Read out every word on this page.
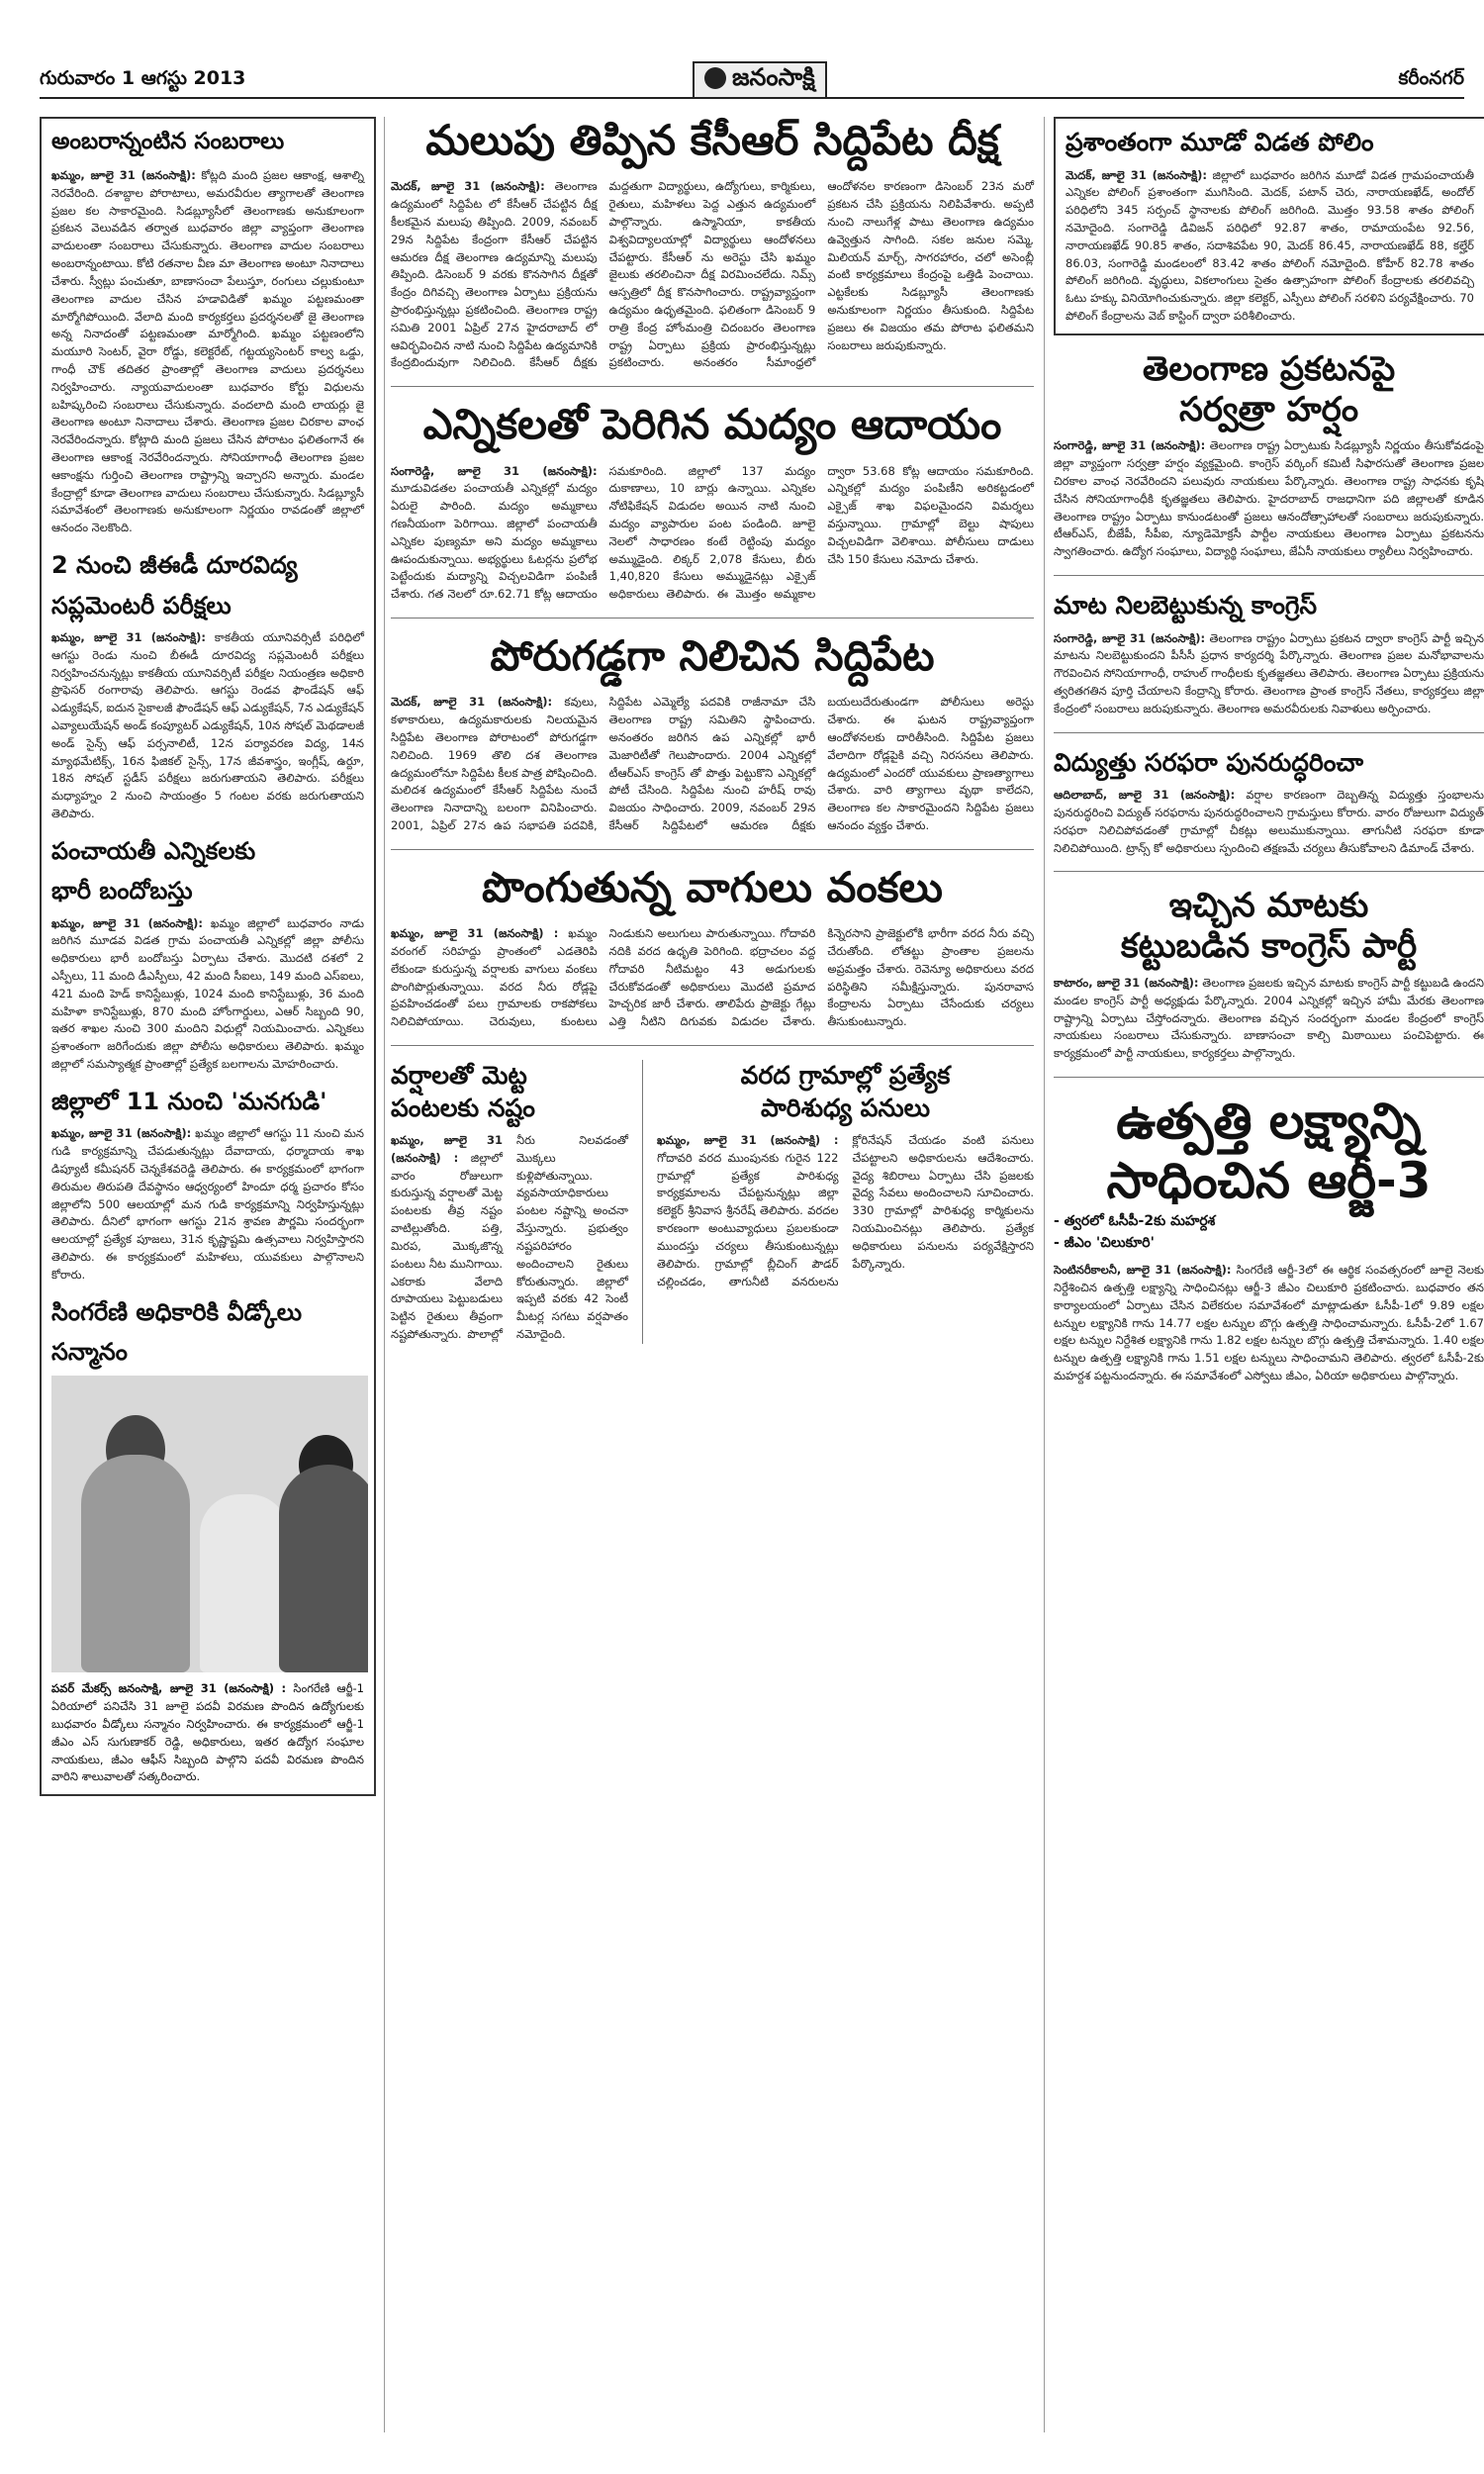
గురువారం 1 ఆగస్టు 2013	జనంసాక్షి	కరీంనగర్
అంబరాన్నంటిన సంబరాలు

ఖమ్మం, జూలై 31 (జనంసాక్షి): కోట్లది మంది ప్రజల ఆకాంక్ష, ఆశాల్ని నెరవేరింది. దశాబ్దాల పోరాటాలు, అమరవీరుల త్యాగాలతో తెలంగాణ ప్రజల కల సాకారమైంది. సిడబ్ల్యూసీలో తెలంగాణకు అనుకూలంగా ప్రకటన వెలువడిన తర్వాత బుధవారం జిల్లా వ్యాప్తంగా తెలంగాణ వాదులంతా సంబరాలు చేసుకున్నారు. తెలంగాణ వాదుల సంబరాలు అంబరాన్నంటాయి. కోటి రతనాల వీణ మా తెలంగాణ అంటూ నినాదాలు చేశారు. స్వీట్లు పంచుతూ, బాణాసంచా పేలుస్తూ, రంగులు చల్లుకుంటూ తెలంగాణ వాదుల చేసిన హడావిడితో ఖమ్మం పట్టణమంతా మార్మోగిపోయింది. వేలాది మంది కార్యకర్తలు ప్రదర్శనలతో జై తెలంగాణ అన్న నినాదంతో పట్టణమంతా మార్మోగింది. ఖమ్మం పట్టణంలోని మయూరి సెంటర్, వైరా రోడ్డు, కలెక్టరేట్, గట్టయ్యసెంటర్ కాల్వ ఒడ్డు, గాంధీ చౌక్ తదితర ప్రాంతాల్లో తెలంగాణ వాదులు ప్రదర్శనలు నిర్వహించారు. న్యాయవాదులంతా బుధవారం కోర్టు విధులను బహిష్కరించి సంబరాలు చేసుకున్నారు. వందలాది మంది లాయర్లు జై తెలంగాణ అంటూ నినాదాలు చేశారు. తెలంగాణ ప్రజల చిరకాల వాంఛ నెరవేరిందన్నారు. కోట్లాది మంది ప్రజలు చేసిన పోరాటం ఫలితంగానే ఈ తెలంగాణ ఆకాంక్ష నెరవేరిందన్నారు. సోనియాగాంధీ తెలంగాణ ప్రజల ఆకాంక్షను గుర్తించి తెలంగాణ రాష్ట్రాన్ని ఇచ్చారని అన్నారు. మండల కేంద్రాల్లో కూడా తెలంగాణ వాదులు సంబరాలు చేసుకున్నారు. సిడబ్ల్యూసీ సమావేశంలో తెలంగాణకు అనుకూలంగా నిర్ణయం రావడంతో జిల్లాలో ఆనందం నెలకొంది.

2 నుంచి జీఈడీ దూరవిద్య
సప్లమెంటరీ పరీక్షలు

ఖమ్మం, జూలై 31 (జనంసాక్షి): కాకతీయ యూనివర్సిటీ పరిధిలో ఆగస్టు రెండు నుంచి బీఈడీ దూరవిద్య సప్లమెంటరీ పరీక్షలు నిర్వహించనున్నట్లు కాకతీయ యూనివర్సిటీ పరీక్షల నియంత్రణ అధికారి ప్రొఫెసర్ రంగారావు తెలిపారు. ఆగస్టు రెండవ ఫౌండేషన్ ఆఫ్ ఎడ్యుకేషన్, ఐదున సైకాలజీ ఫౌండేషన్ ఆఫ్ ఎడ్యుకేషన్, 7న ఎడ్యుకేషన్ ఎవ్యాలుయేషన్ అండ్ కంప్యూటర్ ఎడ్యుకేషన్, 10న సోషల్ మెథడాలజీ అండ్ సైన్స్ ఆఫ్ పర్సనాలిటీ, 12న పర్యావరణ విద్య, 14న మ్యాథమేటిక్స్, 16న ఫిజికల్ సైన్స్, 17న జీవశాస్త్రం, ఇంగ్లీష్, ఉర్దూ, 18న సోషల్ స్టడీస్ పరీక్షలు జరుగుతాయని తెలిపారు. పరీక్షలు మధ్యాహ్నం 2 నుంచి సాయంత్రం 5 గంటల వరకు జరుగుతాయని తెలిపారు.

పంచాయతీ ఎన్నికలకు
భారీ బందోబస్తు

ఖమ్మం, జూలై 31 (జనంసాక్షి): ఖమ్మం జిల్లాలో బుధవారం నాడు జరిగిన మూడవ విడత గ్రామ పంచాయతీ ఎన్నికల్లో జిల్లా పోలీసు అధికారులు భారీ బందోబస్తు ఏర్పాటు చేశారు. మొదటి దశలో 2 ఎస్పీలు, 11 మంది డీఎస్పీలు, 42 మంది సీఐలు, 149 మంది ఎస్ఐలు, 421 మంది హెడ్ కానిస్టేబుళ్లు, 1024 మంది కానిస్టేబుళ్లు, 36 మంది మహిళా కానిస్టేబుళ్లు, 870 మంది హోంగార్డులు, ఎఆర్ సిబ్బంది 90, ఇతర శాఖల నుంచి 300 మందిని విధుల్లో నియమించారు. ఎన్నికలు ప్రశాంతంగా జరిగేందుకు జిల్లా పోలీసు అధికారులు తెలిపారు. ఖమ్మం జిల్లాలో సమస్యాత్మక ప్రాంతాల్లో ప్రత్యేక బలగాలను మోహరించారు.

జిల్లాలో 11 నుంచి 'మనగుడి'

ఖమ్మం, జూలై 31 (జనంసాక్షి): ఖమ్మం జిల్లాలో ఆగస్టు 11 నుంచి మన గుడి కార్యక్రమాన్ని చేపడుతున్నట్లు దేవాదాయ, ధర్మాదాయ శాఖ డిప్యూటీ కమీషనర్ చెన్నకేశవరెడ్డి తెలిపారు. ఈ కార్యక్రమంలో భాగంగా తిరుమల తిరుపతి దేవస్థానం ఆధ్వర్యంలో హిందూ ధర్మ ప్రచారం కోసం జిల్లాలోని 500 ఆలయాల్లో మన గుడి కార్యక్రమాన్ని నిర్వహిస్తున్నట్లు తెలిపారు. దీనిలో భాగంగా ఆగస్టు 21న శ్రావణ పౌర్ణమి సందర్భంగా ఆలయాల్లో ప్రత్యేక పూజలు, 31న కృష్ణాష్టమి ఉత్సవాలు నిర్వహిస్తారని తెలిపారు. ఈ కార్యక్రమంలో మహిళలు, యువకులు పాల్గొనాలని కోరారు.

సింగరేణి అధికారికి వీడ్కోలు
సన్మానం

పవర్ మేకర్స్ జనంసాక్షి, జూలై 31 (జనంసాక్షి) : సింగరేణి ఆర్జీ-1 ఏరియాలో పనిచేసి 31 జూలై పదవీ విరమణ పొందిన ఉద్యోగులకు బుధవారం వీడ్కోలు సన్మానం నిర్వహించారు. ఈ కార్యక్రమంలో ఆర్జీ-1 జీఎం ఎస్ సుగుణాకర్ రెడ్డి, అధికారులు, ఇతర ఉద్యోగ సంఘాల నాయకులు, జీఎం ఆఫీస్ సిబ్బంది పాల్గొని పదవీ విరమణ పొందిన వారిని శాలువాలతో సత్కరించారు.

మలుపు తిప్పిన కేసీఆర్ సిద్దిపేట దీక్ష
మెదక్, జూలై 31 (జనంసాక్షి): తెలంగాణ ఉద్యమంలో సిద్దిపేట లో కేసీఆర్ చేపట్టిన దీక్ష కీలకమైన మలుపు తిప్పింది. 2009, నవంబర్ 29న సిద్దిపేట కేంద్రంగా కేసీఆర్ చేపట్టిన ఆమరణ దీక్ష తెలంగాణ ఉద్యమాన్ని మలుపు తిప్పింది. డిసెంబర్ 9 వరకు కొనసాగిన దీక్షతో కేంద్రం దిగివచ్చి తెలంగాణ ఏర్పాటు ప్రక్రియను ప్రారంభిస్తున్నట్లు ప్రకటించింది. తెలంగాణ రాష్ట్ర సమితి 2001 ఏప్రిల్ 27న హైదరాబాద్ లో ఆవిర్భవించిన నాటి నుంచి సిద్దిపేట ఉద్యమానికి కేంద్రబిందువుగా నిలిచింది. కేసీఆర్ దీక్షకు మద్దతుగా విద్యార్థులు, ఉద్యోగులు, కార్మికులు, రైతులు, మహిళలు పెద్ద ఎత్తున ఉద్యమంలో పాల్గొన్నారు. ఉస్మానియా, కాకతీయ విశ్వవిద్యాలయాల్లో విద్యార్థులు ఆందోళనలు చేపట్టారు. కేసీఆర్ ను అరెస్టు చేసి ఖమ్మం జైలుకు తరలించినా దీక్ష విరమించలేదు. నిమ్స్ ఆస్పత్రిలో దీక్ష కొనసాగించారు. రాష్ట్రవ్యాప్తంగా ఉద్యమం ఉధృతమైంది. ఫలితంగా డిసెంబర్ 9 రాత్రి కేంద్ర హోంమంత్రి చిదంబరం తెలంగాణ రాష్ట్ర ఏర్పాటు ప్రక్రియ ప్రారంభిస్తున్నట్లు ప్రకటించారు. అనంతరం సీమాంధ్రలో ఆందోళనల కారణంగా డిసెంబర్ 23న మరో ప్రకటన చేసి ప్రక్రియను నిలిపివేశారు. అప్పటి నుంచి నాలుగేళ్ల పాటు తెలంగాణ ఉద్యమం ఉవ్వెత్తున సాగింది. సకల జనుల సమ్మె, మిలియన్ మార్చ్, సాగరహారం, చలో అసెంబ్లీ వంటి కార్యక్రమాలు కేంద్రంపై ఒత్తిడి పెంచాయి. ఎట్టకేలకు సిడబ్ల్యూసీ తెలంగాణకు అనుకూలంగా నిర్ణయం తీసుకుంది. సిద్దిపేట ప్రజలు ఈ విజయం తమ పోరాట ఫలితమని సంబరాలు జరుపుకున్నారు.
ఎన్నికలతో పెరిగిన మద్యం ఆదాయం
సంగారెడ్డి, జూలై 31 (జనంసాక్షి): మూడువిడతల పంచాయతీ ఎన్నికల్లో మద్యం ఏరులై పారింది. మద్యం అమ్మకాలు గణనీయంగా పెరిగాయి. జిల్లాలో పంచాయతీ ఎన్నికల పుణ్యమా అని మద్యం అమ్మకాలు ఊపందుకున్నాయి. అభ్యర్థులు ఓటర్లను ప్రలోభ పెట్టేందుకు మద్యాన్ని విచ్చలవిడిగా పంపిణీ చేశారు. గత నెలలో రూ.62.71 కోట్ల ఆదాయం సమకూరింది. జిల్లాలో 137 మద్యం దుకాణాలు, 10 బార్లు ఉన్నాయి. ఎన్నికల నోటిఫికేషన్ విడుదల అయిన నాటి నుంచి మద్యం వ్యాపారుల పంట పండింది. జూలై నెలలో సాధారణం కంటే రెట్టింపు మద్యం అమ్ముడైంది. లిక్కర్ 2,078 కేసులు, బీరు 1,40,820 కేసులు అమ్ముడైనట్లు ఎక్సైజ్ అధికారులు తెలిపారు. ఈ మొత్తం అమ్మకాల ద్వారా 53.68 కోట్ల ఆదాయం సమకూరింది. ఎన్నికల్లో మద్యం పంపిణీని అరికట్టడంలో ఎక్సైజ్ శాఖ విఫలమైందని విమర్శలు వస్తున్నాయి. గ్రామాల్లో బెల్టు షాపులు విచ్చలవిడిగా వెలిశాయి. పోలీసులు దాడులు చేసి 150 కేసులు నమోదు చేశారు.
పోరుగడ్డగా నిలిచిన సిద్దిపేట
మెదక్, జూలై 31 (జనంసాక్షి): కవులు, కళాకారులు, ఉద్యమకారులకు నిలయమైన సిద్దిపేట తెలంగాణ పోరాటంలో పోరుగడ్డగా నిలిచింది. 1969 తొలి దశ తెలంగాణ ఉద్యమంలోనూ సిద్దిపేట కీలక పాత్ర పోషించింది. మలిదశ ఉద్యమంలో కేసీఆర్ సిద్దిపేట నుంచే తెలంగాణ నినాదాన్ని బలంగా వినిపించారు. 2001, ఏప్రిల్ 27న ఉప సభాపతి పదవికి, సిద్దిపేట ఎమ్మెల్యే పదవికి రాజీనామా చేసి తెలంగాణ రాష్ట్ర సమితిని స్థాపించారు. అనంతరం జరిగిన ఉప ఎన్నికల్లో భారీ మెజారిటీతో గెలుపొందారు. 2004 ఎన్నికల్లో టీఆర్ఎస్ కాంగ్రెస్ తో పొత్తు పెట్టుకొని ఎన్నికల్లో పోటీ చేసింది. సిద్దిపేట నుంచి హరీష్ రావు విజయం సాధించారు. 2009, నవంబర్ 29న కేసీఆర్ సిద్దిపేటలో ఆమరణ దీక్షకు బయలుదేరుతుండగా పోలీసులు అరెస్టు చేశారు. ఈ ఘటన రాష్ట్రవ్యాప్తంగా ఆందోళనలకు దారితీసింది. సిద్దిపేట ప్రజలు వేలాదిగా రోడ్లపైకి వచ్చి నిరసనలు తెలిపారు. ఉద్యమంలో ఎందరో యువకులు ప్రాణత్యాగాలు చేశారు. వారి త్యాగాలు వృథా కాలేదని, తెలంగాణ కల సాకారమైందని సిద్దిపేట ప్రజలు ఆనందం వ్యక్తం చేశారు.
పొంగుతున్న వాగులు వంకలు
ఖమ్మం, జూలై 31 (జనంసాక్షి) : ఖమ్మం వరంగల్ సరిహద్దు ప్రాంతంలో ఎడతెరిపి లేకుండా కురుస్తున్న వర్షాలకు వాగులు వంకలు పొంగిపొర్లుతున్నాయి. వరద నీరు రోడ్లపై ప్రవహించడంతో పలు గ్రామాలకు రాకపోకలు నిలిచిపోయాయి. చెరువులు, కుంటలు నిండుకుని అలుగులు పారుతున్నాయి. గోదావరి నదికి వరద ఉధృతి పెరిగింది. భద్రాచలం వద్ద గోదావరి నీటిమట్టం 43 అడుగులకు చేరుకోవడంతో అధికారులు మొదటి ప్రమాద హెచ్చరిక జారీ చేశారు. తాలిపేరు ప్రాజెక్టు గేట్లు ఎత్తి నీటిని దిగువకు విడుదల చేశారు. కిన్నెరసాని ప్రాజెక్టులోకి భారీగా వరద నీరు వచ్చి చేరుతోంది. లోతట్టు ప్రాంతాల ప్రజలను అప్రమత్తం చేశారు. రెవెన్యూ అధికారులు వరద పరిస్థితిని సమీక్షిస్తున్నారు. పునరావాస కేంద్రాలను ఏర్పాటు చేసేందుకు చర్యలు తీసుకుంటున్నారు.
వర్షాలతో మెట్ట
పంటలకు నష్టం

ఖమ్మం, జూలై 31 (జనంసాక్షి) : జిల్లాలో వారం రోజులుగా కురుస్తున్న వర్షాలతో మెట్ట పంటలకు తీవ్ర నష్టం వాటిల్లుతోంది. పత్తి, మిరప, మొక్కజొన్న పంటలు నీట మునిగాయి. ఎకరాకు వేలాది రూపాయలు పెట్టుబడులు పెట్టిన రైతులు తీవ్రంగా నష్టపోతున్నారు. పొలాల్లో నీరు నిలవడంతో మొక్కలు కుళ్లిపోతున్నాయి. వ్యవసాయాధికారులు పంటల నష్టాన్ని అంచనా వేస్తున్నారు. ప్రభుత్వం నష్టపరిహారం అందించాలని రైతులు కోరుతున్నారు. జిల్లాలో ఇప్పటి వరకు 42 సెంటీ మీటర్ల సగటు వర్షపాతం నమోదైంది.

వరద గ్రామాల్లో ప్రత్యేక
పారిశుధ్య పనులు

ఖమ్మం, జూలై 31 (జనంసాక్షి) : గోదావరి వరద ముంపునకు గురైన 122 గ్రామాల్లో ప్రత్యేక పారిశుధ్య కార్యక్రమాలను చేపట్టనున్నట్లు జిల్లా కలెక్టర్ శ్రీనివాస శ్రీనరేష్ తెలిపారు. వరదల కారణంగా అంటువ్యాధులు ప్రబలకుండా ముందస్తు చర్యలు తీసుకుంటున్నట్లు తెలిపారు. గ్రామాల్లో బ్లీచింగ్ పౌడర్ చల్లించడం, తాగునీటి వనరులను క్లోరినేషన్ చేయడం వంటి పనులు చేపట్టాలని అధికారులను ఆదేశించారు. వైద్య శిబిరాలు ఏర్పాటు చేసి ప్రజలకు వైద్య సేవలు అందించాలని సూచించారు. 330 గ్రామాల్లో పారిశుధ్య కార్మికులను నియమించినట్లు తెలిపారు. ప్రత్యేక అధికారులు పనులను పర్యవేక్షిస్తారని పేర్కొన్నారు.

ప్రశాంతంగా మూడో విడత పోలిం

మెదక్, జూలై 31 (జనంసాక్షి): జిల్లాలో బుధవారం జరిగిన మూడో విడత గ్రామపంచాయతీ ఎన్నికల పోలింగ్ ప్రశాంతంగా ముగిసింది. మెదక్, పటాన్ చెరు, నారాయణఖేడ్, అందోల్ పరిధిలోని 345 సర్పంచ్ స్థానాలకు పోలింగ్ జరిగింది. మొత్తం 93.58 శాతం పోలింగ్ నమోదైంది. సంగారెడ్డి డివిజన్ పరిధిలో 92.87 శాతం, రామాయంపేట 92.56, నారాయణఖేడ్ 90.85 శాతం, సదాశివపేట 90, మెదక్ 86.45, నారాయణఖేడ్ 88, కల్హేర్ 86.03, సంగారెడ్డి మండలంలో 83.42 శాతం పోలింగ్ నమోదైంది. కోహీర్ 82.78 శాతం పోలింగ్ జరిగింది. వృద్ధులు, వికలాంగులు సైతం ఉత్సాహంగా పోలింగ్ కేంద్రాలకు తరలివచ్చి ఓటు హక్కు వినియోగించుకున్నారు. జిల్లా కలెక్టర్, ఎస్పీలు పోలింగ్ సరళిని పర్యవేక్షించారు. 70 పోలింగ్ కేంద్రాలను వెబ్ కాస్టింగ్ ద్వారా పరిశీలించారు.

తెలంగాణ ప్రకటనపై
సర్వత్రా హర్షం

సంగారెడ్డి, జూలై 31 (జనంసాక్షి): తెలంగాణ రాష్ట్ర ఏర్పాటుకు సిడబ్ల్యూసీ నిర్ణయం తీసుకోవడంపై జిల్లా వ్యాప్తంగా సర్వత్రా హర్షం వ్యక్తమైంది. కాంగ్రెస్ వర్కింగ్ కమిటీ సిఫారసుతో తెలంగాణ ప్రజల చిరకాల వాంఛ నెరవేరిందని పలువురు నాయకులు పేర్కొన్నారు. తెలంగాణ రాష్ట్ర సాధనకు కృషి చేసిన సోనియాగాంధీకి కృతజ్ఞతలు తెలిపారు. హైదరాబాద్ రాజధానిగా పది జిల్లాలతో కూడిన తెలంగాణ రాష్ట్రం ఏర్పాటు కానుండటంతో ప్రజలు ఆనందోత్సాహాలతో సంబరాలు జరుపుకున్నారు. టీఆర్ఎస్, బీజేపీ, సీపీఐ, న్యూడెమోక్రసీ పార్టీల నాయకులు తెలంగాణ ఏర్పాటు ప్రకటనను స్వాగతించారు. ఉద్యోగ సంఘాలు, విద్యార్థి సంఘాలు, జేఏసీ నాయకులు ర్యాలీలు నిర్వహించారు.

మాట నిలబెట్టుకున్న కాంగ్రెస్

సంగారెడ్డి, జూలై 31 (జనంసాక్షి): తెలంగాణ రాష్ట్రం ఏర్పాటు ప్రకటన ద్వారా కాంగ్రెస్ పార్టీ ఇచ్చిన మాటను నిలబెట్టుకుందని పీసీసీ ప్రధాన కార్యదర్శి పేర్కొన్నారు. తెలంగాణ ప్రజల మనోభావాలను గౌరవించిన సోనియాగాంధీ, రాహుల్ గాంధీలకు కృతజ్ఞతలు తెలిపారు. తెలంగాణ ఏర్పాటు ప్రక్రియను త్వరితగతిన పూర్తి చేయాలని కేంద్రాన్ని కోరారు. తెలంగాణ ప్రాంత కాంగ్రెస్ నేతలు, కార్యకర్తలు జిల్లా కేంద్రంలో సంబరాలు జరుపుకున్నారు. తెలంగాణ అమరవీరులకు నివాళులు అర్పించారు.

విద్యుత్తు సరఫరా పునరుద్ధరించా

ఆదిలాబాద్, జూలై 31 (జనంసాక్షి): వర్షాల కారణంగా దెబ్బతిన్న విద్యుత్తు స్తంభాలను పునరుద్ధరించి విద్యుత్ సరఫరాను పునరుద్ధరించాలని గ్రామస్తులు కోరారు. వారం రోజులుగా విద్యుత్ సరఫరా నిలిచిపోవడంతో గ్రామాల్లో చీకట్లు అలుముకున్నాయి. తాగునీటి సరఫరా కూడా నిలిచిపోయింది. ట్రాన్స్ కో అధికారులు స్పందించి తక్షణమే చర్యలు తీసుకోవాలని డిమాండ్ చేశారు.

ఇచ్చిన మాటకు
కట్టుబడిన కాంగ్రెస్ పార్టీ

కాటారం, జూలై 31 (జనంసాక్షి): తెలంగాణ ప్రజలకు ఇచ్చిన మాటకు కాంగ్రెస్ పార్టీ కట్టుబడి ఉందని మండల కాంగ్రెస్ పార్టీ అధ్యక్షుడు పేర్కొన్నారు. 2004 ఎన్నికల్లో ఇచ్చిన హామీ మేరకు తెలంగాణ రాష్ట్రాన్ని ఏర్పాటు చేస్తోందన్నారు. తెలంగాణ వచ్చిన సందర్భంగా మండల కేంద్రంలో కాంగ్రెస్ నాయకులు సంబరాలు చేసుకున్నారు. బాణాసంచా కాల్చి మిఠాయిలు పంచిపెట్టారు. ఈ కార్యక్రమంలో పార్టీ నాయకులు, కార్యకర్తలు పాల్గొన్నారు.

ఉత్పత్తి లక్ష్యాన్ని
సాధించిన ఆర్జీ-3
- త్వరలో ఓసీపీ-2కు మహర్దశ
- జీఎం 'చిలుకూరి'

సెంటినరీకాలనీ, జూలై 31 (జనంసాక్షి): సింగరేణి ఆర్జీ-3లో ఈ ఆర్థిక సంవత్సరంలో జూలై నెలకు నిర్దేశించిన ఉత్పత్తి లక్ష్యాన్ని సాధించినట్లు ఆర్జీ-3 జీఎం చిలుకూరి ప్రకటించారు. బుధవారం తన కార్యాలయంలో ఏర్పాటు చేసిన విలేకరుల సమావేశంలో మాట్లాడుతూ ఓసీపీ-1లో 9.89 లక్షల టన్నుల లక్ష్యానికి గాను 14.77 లక్షల టన్నుల బొగ్గు ఉత్పత్తి సాధించామన్నారు. ఓసీపీ-2లో 1.67 లక్షల టన్నుల నిర్దేశిత లక్ష్యానికి గాను 1.82 లక్షల టన్నుల బొగ్గు ఉత్పత్తి చేశామన్నారు. 1.40 లక్షల టన్నుల ఉత్పత్తి లక్ష్యానికి గాను 1.51 లక్షల టన్నులు సాధించామని తెలిపారు. త్వరలో ఓసీపీ-2కు మహర్దశ పట్టనుందన్నారు. ఈ సమావేశంలో ఎస్వోటు జీఎం, ఏరియా అధికారులు పాల్గొన్నారు.
